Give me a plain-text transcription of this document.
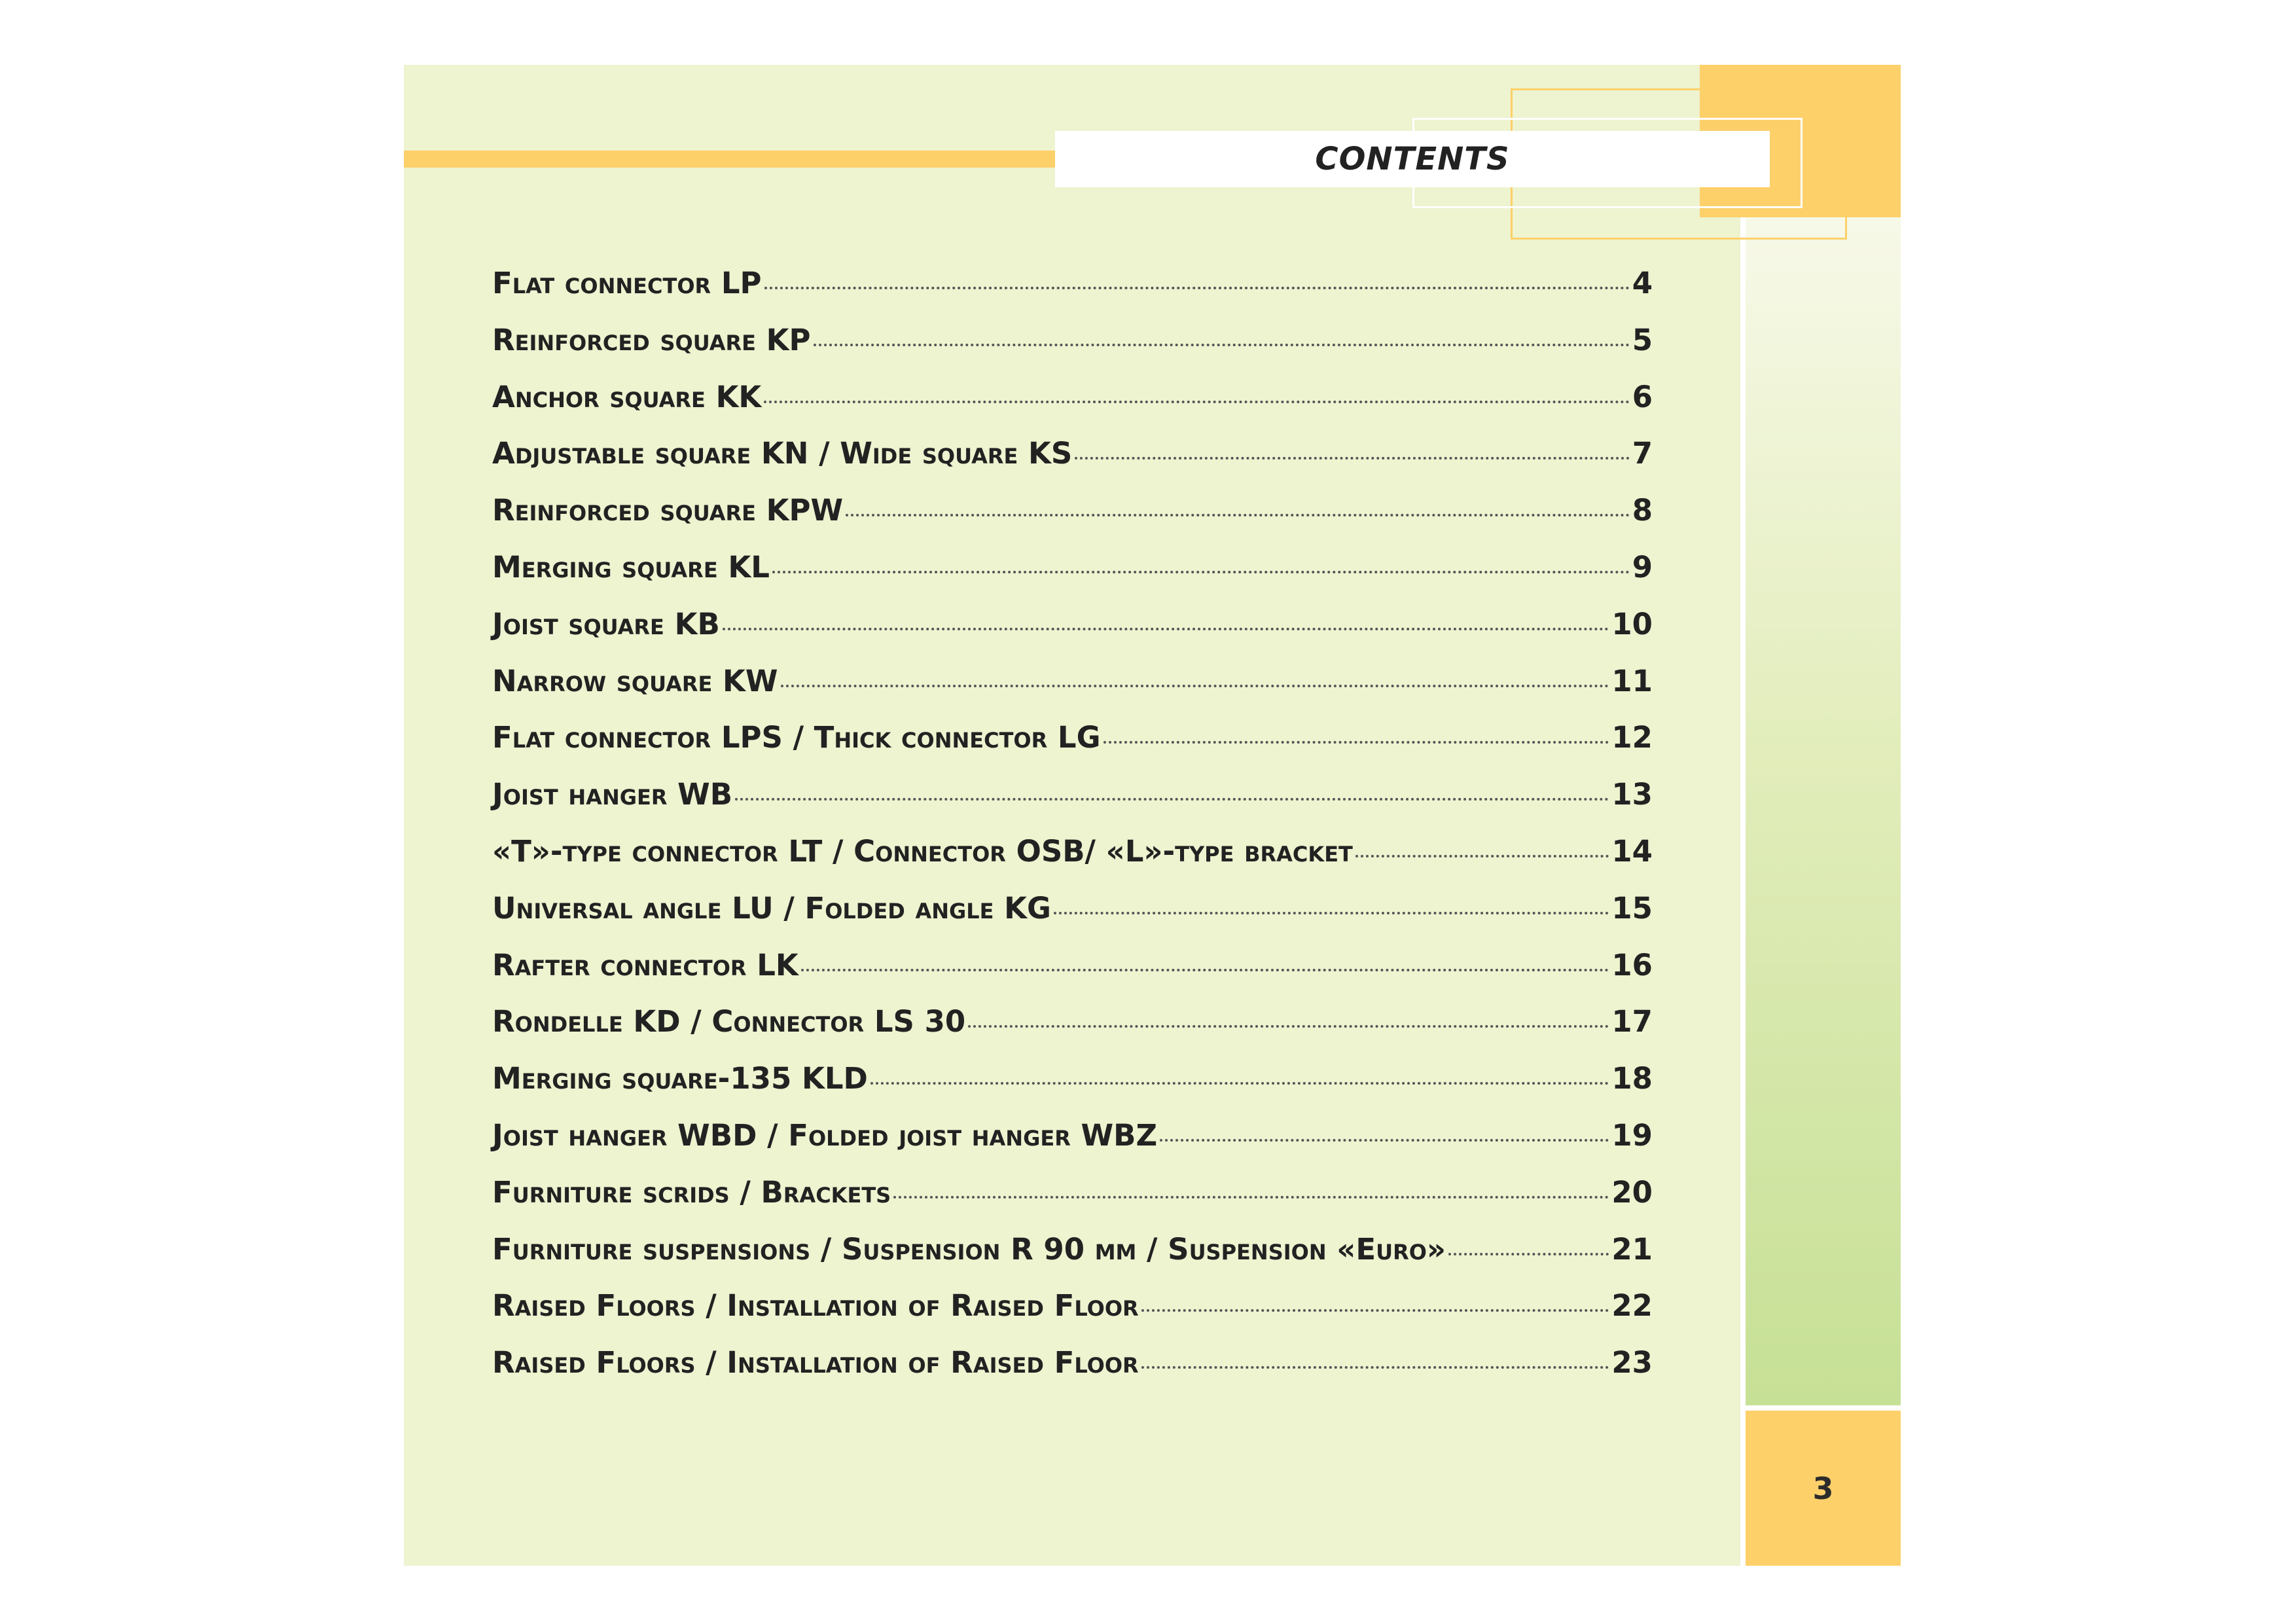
CONTENTS
Flat connector LP	4
Reinforced square KP	5
Anchor square KK	6
Adjustable square KN / Wide square KS	7
Reinforced square KPW	8
Merging square KL	9
Joist square KB	10
Narrow square KW	11
Flat connector LPS / Thick connector LG	12
Joist hanger WB	13
«T»-type connector LT / Connector OSB/ «L»-type bracket	14
Universal angle LU / Folded angle KG	15
Rafter connector LK	16
Rondelle KD / Connector LS 30	17
Merging square-135 KLD	18
Joist hanger WBD / Folded joist hanger WBZ	19
Furniture scrids / Brackets	20
Furniture suspensions / Suspension R 90 mm / Suspension «Euro»	21
Raised Floors / Installation of Raised Floor	22
Raised Floors / Installation of Raised Floor	23
3
